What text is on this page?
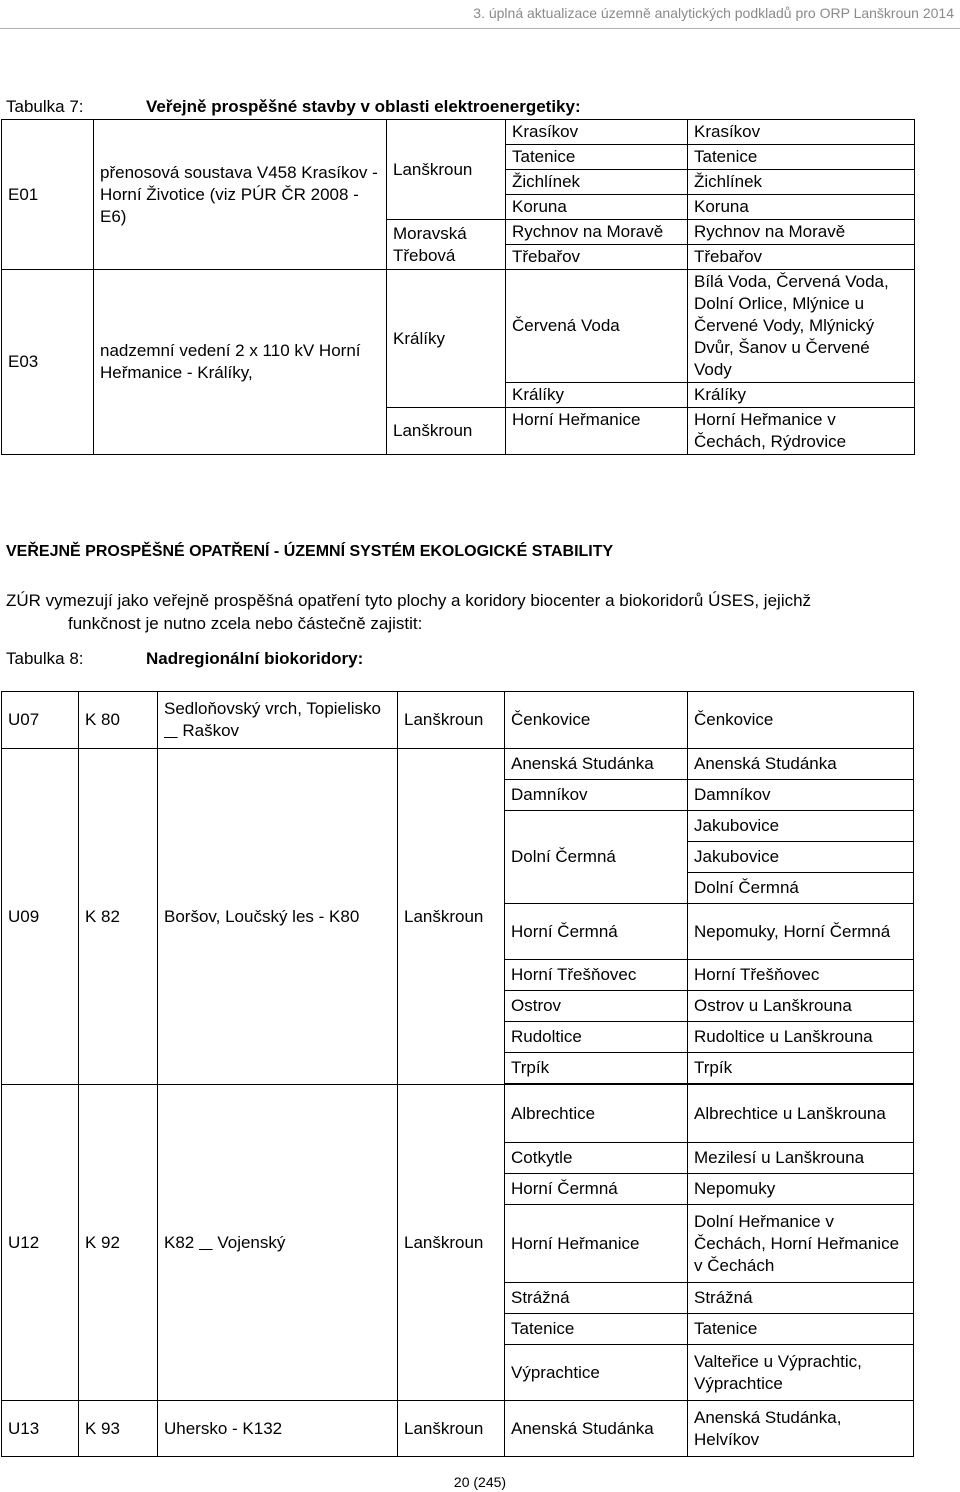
3. úplná aktualizace územně analytických podkladů pro ORP Lanškroun 2014
Tabulka 7:	Veřejně prospěšné stavby v oblasti elektroenergetiky:
E01	přenosová soustava V458 Krasíkov - Horní Životice (viz PÚR ČR 2008 - E6)	Lanškroun	Krasíkov	Krasíkov
			Tatenice	Tatenice
			Žichlínek	Žichlínek
			Koruna	Koruna
		Moravská Třebová	Rychnov na Moravě	Rychnov na Moravě
			Třebařov	Třebařov
E03	nadzemní vedení 2 x 110 kV Horní Heřmanice - Králíky,	Králíky	Červená Voda	Bílá Voda, Červená Voda, Dolní Orlice, Mlýnice u Červené Vody, Mlýnický Dvůr, Šanov u Červené Vody
			Králíky	Králíky
		Lanškroun	Horní Heřmanice	Horní Heřmanice v Čechách, Rýdrovice
VEŘEJNĚ PROSPĚŠNÉ OPATŘENÍ - ÚZEMNÍ SYSTÉM EKOLOGICKÉ STABILITY
ZÚR vymezují jako veřejně prospěšná opatření tyto plochy a koridory biocenter a biokoridorů ÚSES, jejichž
funkčnost je nutno zcela nebo částečně zajistit:
Tabulka 8:	Nadregionální biokoridory:
U07	K 80	Sedloňovský vrch, Topielisko      Raškov	Lanškroun	Čenkovice	Čenkovice
U09	K 82	Boršov, Loučský les - K80	Lanškroun	Anenská Studánka	Anenská Studánka
				Damníkov	Damníkov
				Dolní Čermná	Jakubovice
					Jakubovice
					Dolní Čermná
				Horní Čermná	Nepomuky, Horní Čermná
				Horní Třešňovec	Horní Třešňovec
				Ostrov	Ostrov u Lanškrouna
				Rudoltice	Rudoltice u Lanškrouna
				Trpík	Trpík

U12	K 92	K82      Vojenský	Lanškroun	Albrechtice	Albrechtice u Lanškrouna
				Cotkytle	Mezilesí u Lanškrouna
				Horní Čermná	Nepomuky
				Horní Heřmanice	Dolní Heřmanice v Čechách, Horní Heřmanice v Čechách
				Strážná	Strážná
				Tatenice	Tatenice
				Výprachtice	Valteřice u Výprachtic, Výprachtice
U13	K 93	Uhersko - K132	Lanškroun	Anenská Studánka	Anenská Studánka, Helvíkov
20 (245)
